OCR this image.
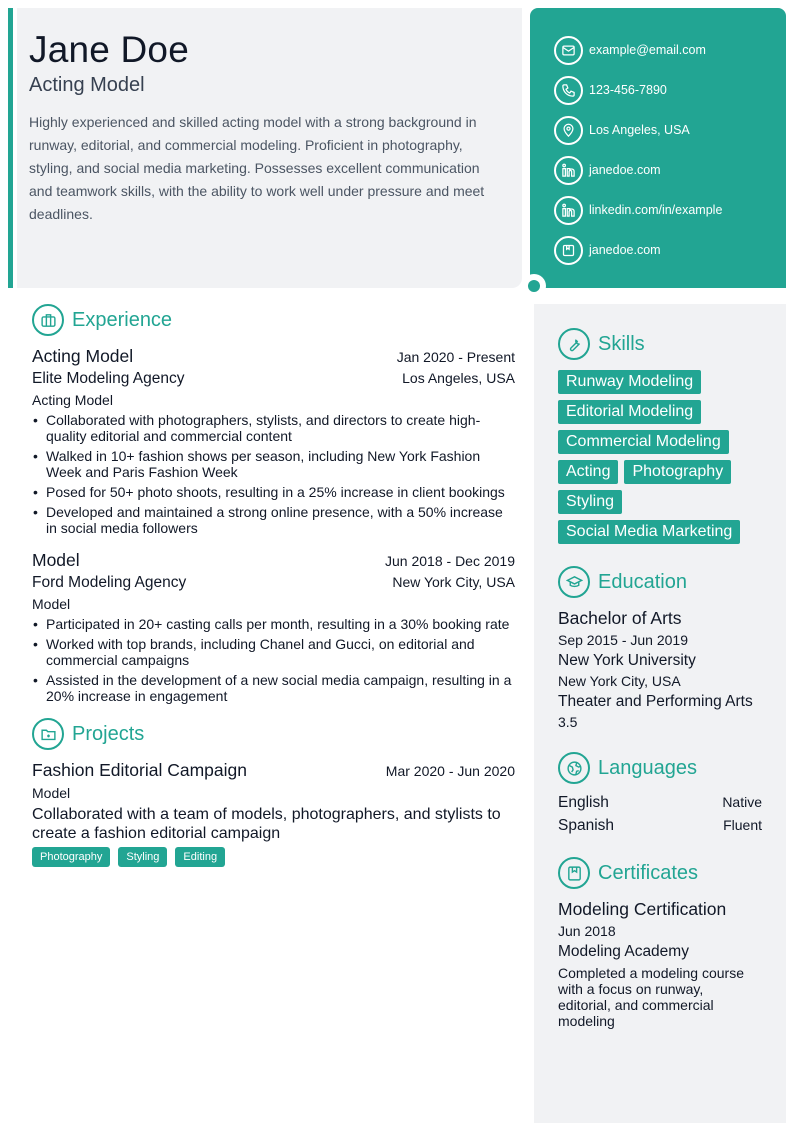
Jane Doe
Acting Model
Highly experienced and skilled acting model with a strong background in runway, editorial, and commercial modeling. Proficient in photography, styling, and social media marketing. Possesses excellent communication and teamwork skills, with the ability to work well under pressure and meet deadlines.
example@email.com
123-456-7890
Los Angeles, USA
janedoe.com
linkedin.com/in/example
janedoe.com
Experience
Acting Model	Jan 2020 - Present
Elite Modeling Agency	Los Angeles, USA
Acting Model
• Collaborated with photographers, stylists, and directors to create high-quality editorial and commercial content
• Walked in 10+ fashion shows per season, including New York Fashion Week and Paris Fashion Week
• Posed for 50+ photo shoots, resulting in a 25% increase in client bookings
• Developed and maintained a strong online presence, with a 50% increase in social media followers
Model	Jun 2018 - Dec 2019
Ford Modeling Agency	New York City, USA
Model
• Participated in 20+ casting calls per month, resulting in a 30% booking rate
• Worked with top brands, including Chanel and Gucci, on editorial and commercial campaigns
• Assisted in the development of a new social media campaign, resulting in a 20% increase in engagement
Projects
Fashion Editorial Campaign	Mar 2020 - Jun 2020
Model
Collaborated with a team of models, photographers, and stylists to create a fashion editorial campaign
Photography	Styling	Editing
Skills
Runway Modeling
Editorial Modeling
Commercial Modeling
Acting	Photography
Styling
Social Media Marketing
Education
Bachelor of Arts
Sep 2015 - Jun 2019
New York University
New York City, USA
Theater and Performing Arts
3.5
Languages
English	Native
Spanish	Fluent
Certificates
Modeling Certification
Jun 2018
Modeling Academy
Completed a modeling course with a focus on runway, editorial, and commercial modeling
